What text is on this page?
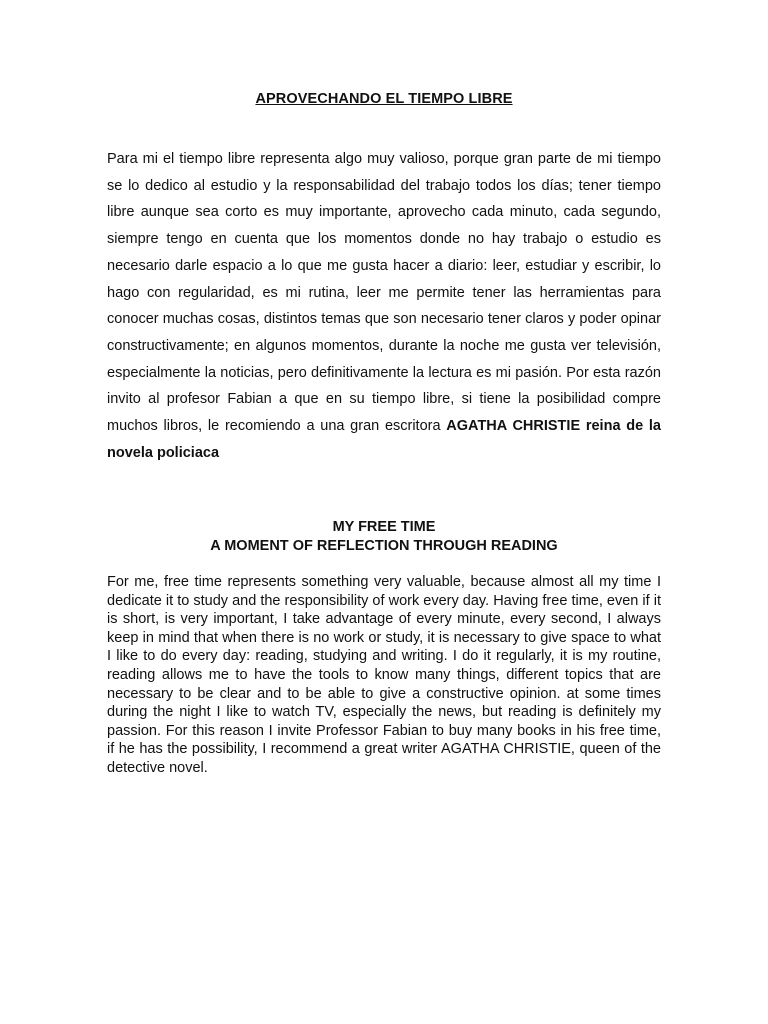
APROVECHANDO EL TIEMPO LIBRE
Para mi el tiempo libre representa algo muy valioso, porque gran parte de mi tiempo se lo dedico al estudio y la responsabilidad del trabajo todos los días; tener tiempo libre aunque sea corto es muy importante, aprovecho cada minuto, cada segundo, siempre tengo en cuenta que los momentos donde no hay trabajo o estudio es necesario darle espacio a lo que me gusta hacer a diario: leer, estudiar y escribir, lo hago con regularidad, es mi rutina, leer me permite tener las herramientas para conocer muchas cosas, distintos temas que son necesario tener claros y poder opinar constructivamente; en algunos momentos, durante la noche me gusta ver televisión, especialmente la noticias, pero definitivamente la lectura es mi pasión. Por esta razón invito al profesor Fabian a que en su tiempo libre, si tiene la posibilidad compre muchos libros, le recomiendo a una gran escritora AGATHA CHRISTIE reina de la novela policiaca
MY FREE TIME
A MOMENT OF REFLECTION THROUGH READING
For me, free time represents something very valuable, because almost all my time I dedicate it to study and the responsibility of work every day. Having free time, even if it is short, is very important, I take advantage of every minute, every second, I always keep in mind that when there is no work or study, it is necessary to give space to what I like to do every day: reading, studying and writing. I do it regularly, it is my routine, reading allows me to have the tools to know many things, different topics that are necessary to be clear and to be able to give a constructive opinion. at some times during the night I like to watch TV, especially the news, but reading is definitely my passion. For this reason I invite Professor Fabian to buy many books in his free time, if he has the possibility, I recommend a great writer AGATHA CHRISTIE, queen of the detective novel.
